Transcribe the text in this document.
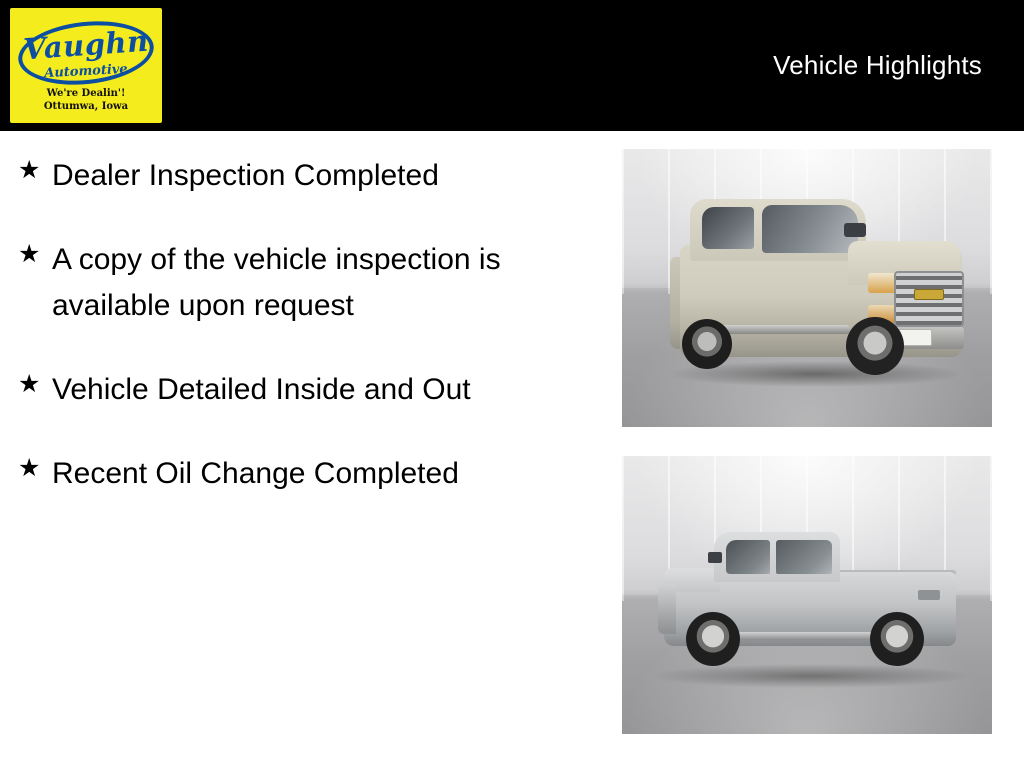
Vaughn
Automotive
We're Dealin'!
Ottumwa, Iowa
Vehicle Highlights
★ Dealer Inspection Completed
★ A copy of the vehicle inspection is available upon request
★ Vehicle Detailed Inside and Out
★ Recent Oil Change Completed
